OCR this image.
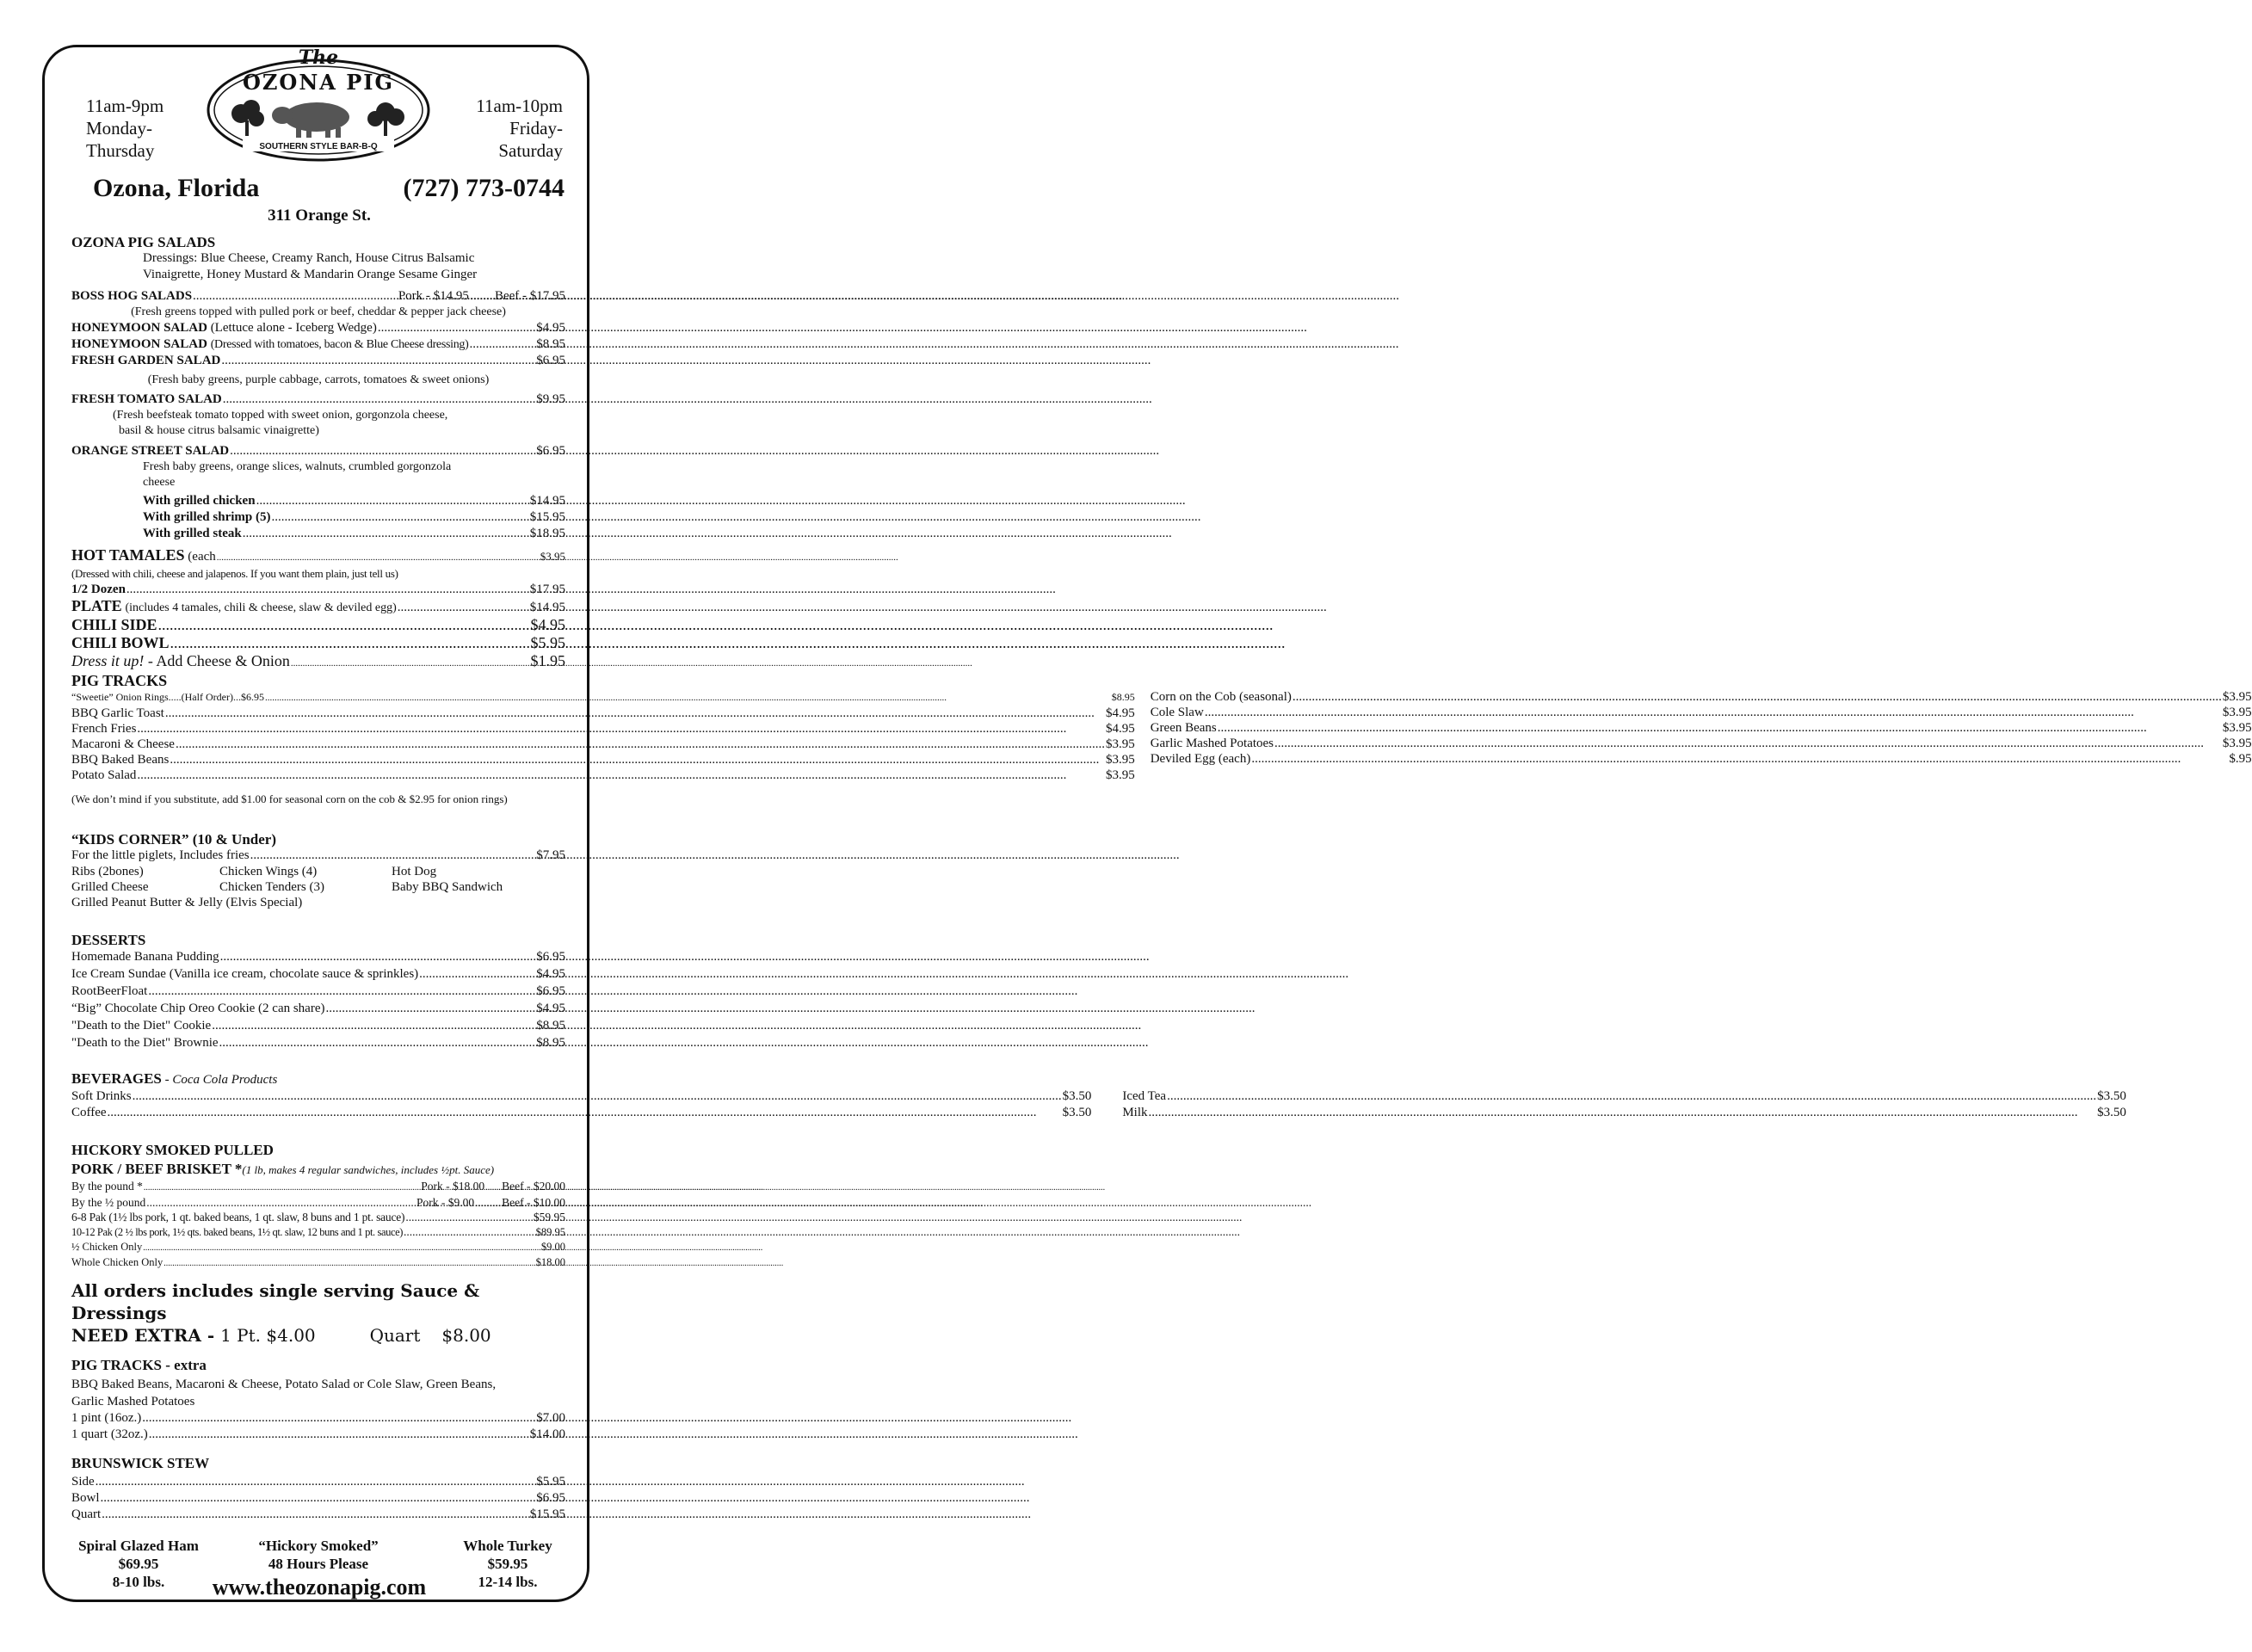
The
OZONA PIG
SOUTHERN STYLE BAR-B-Q
11am-9pm
Monday-
Thursday
11am-10pm
Friday-
Saturday
Ozona, Florida	(727) 773-0744
311 Orange St.
OZONA PIG SALADS
Dressings: Blue Cheese, Creamy Ranch, House Citrus Balsamic
Vinaigrette, Honey Mustard & Mandarin Orange Sesame Ginger
BOSS HOG SALADS .....	Pork - $14.95 ..... Beef - $17.95
(Fresh greens topped with pulled pork or beef, cheddar & pepper jack cheese)
HONEYMOON SALAD (Lettuce alone - Iceberg Wedge) .....	$4.95
HONEYMOON SALAD (Dressed with tomatoes, bacon & Blue Cheese dressing) .....	$8.95
FRESH GARDEN SALAD .....	$6.95
(Fresh baby greens, purple cabbage, carrots, tomatoes & sweet onions)
FRESH TOMATO SALAD .....	$9.95
(Fresh beefsteak tomato topped with sweet onion, gorgonzola cheese,
basil & house citrus balsamic vinaigrette)
ORANGE STREET SALAD .....	$6.95
Fresh baby greens, orange slices, walnuts, crumbled gorgonzola
cheese
With grilled chicken .....	$14.95
With grilled shrimp (5) .....	$15.95
With grilled steak .....	$18.95
HOT TAMALES (each .....	$3.95
(Dressed with chili, cheese and jalapenos. If you want them plain, just tell us)
1/2 Dozen .....	$17.95
PLATE (includes 4 tamales, chili & cheese, slaw & deviled egg) .....	$14.95
CHILI SIDE .....	$4.95
CHILI BOWL .....	$5.95
Dress it up! - Add Cheese & Onion .....	$1.95
PIG TRACKS
“Sweetie” Onion Rings.....(Half Order)...$6.95 .....	$8.95
BBQ Garlic Toast .....	$4.95
French Fries .....	$4.95
Macaroni & Cheese .....	$3.95
BBQ Baked Beans .....	$3.95
Potato Salad .....	$3.95
Corn on the Cob (seasonal) .....	$3.95
Cole Slaw .....	$3.95
Green Beans .....	$3.95
Garlic Mashed Potatoes .....	$3.95
Deviled Egg (each) .....	$.95
(We don’t mind if you substitute, add $1.00 for seasonal corn on the cob & $2.95 for onion rings)
“KIDS CORNER” (10 & Under)
For the little piglets, Includes fries .....	$7.95
Ribs (2bones)	Chicken Wings (4)	Hot Dog
Grilled Cheese	Chicken Tenders (3)	Baby BBQ Sandwich
Grilled Peanut Butter & Jelly (Elvis Special)
DESSERTS
Homemade Banana Pudding .....	$6.95
Ice Cream Sundae (Vanilla ice cream, chocolate sauce & sprinkles) .....	$4.95
RootBeerFloat .....	$6.95
“Big” Chocolate Chip Oreo Cookie (2 can share) .....	$4.95
"Death to the Diet" Cookie .....	$8.95
"Death to the Diet" Brownie .....	$8.95
BEVERAGES - Coca Cola Products
Soft Drinks .....	$3.50
Coffee .....	$3.50
Iced Tea .....	$3.50
Milk .....	$3.50
HICKORY SMOKED PULLED
PORK / BEEF BRISKET *(1 lb, makes 4 regular sandwiches, includes ½pt. Sauce)
By the pound * .....	Pork - $18.00 ..... Beef - $20.00
By the ½ pound .....	Pork - $9.00 ..... Beef - $10.00
6-8 Pak (1½ lbs pork, 1 qt. baked beans, 1 qt. slaw, 8 buns and 1 pt. sauce) .....	$59.95
10-12 Pak (2 ½ lbs pork, 1½ qts. baked beans, 1½ qt. slaw, 12 buns and 1 pt. sauce) .....	$89.95
½ Chicken Only .....	$9.00
Whole Chicken Only .....	$18.00
All orders includes single serving Sauce & Dressings
NEED EXTRA - 1 Pt. $4.00	Quart $8.00
PIG TRACKS - extra
BBQ Baked Beans, Macaroni & Cheese, Potato Salad or Cole Slaw, Green Beans,
Garlic Mashed Potatoes
1 pint (16oz.) .....	$7.00
1 quart (32oz.) .....	$14.00
BRUNSWICK STEW
Side .....	$5.95
Bowl .....	$6.95
Quart .....	$15.95
Spiral Glazed Ham
$69.95
8-10 lbs.
“Hickory Smoked”
48 Hours Please
Whole Turkey
$59.95
12-14 lbs.
www.theozonapig.com
